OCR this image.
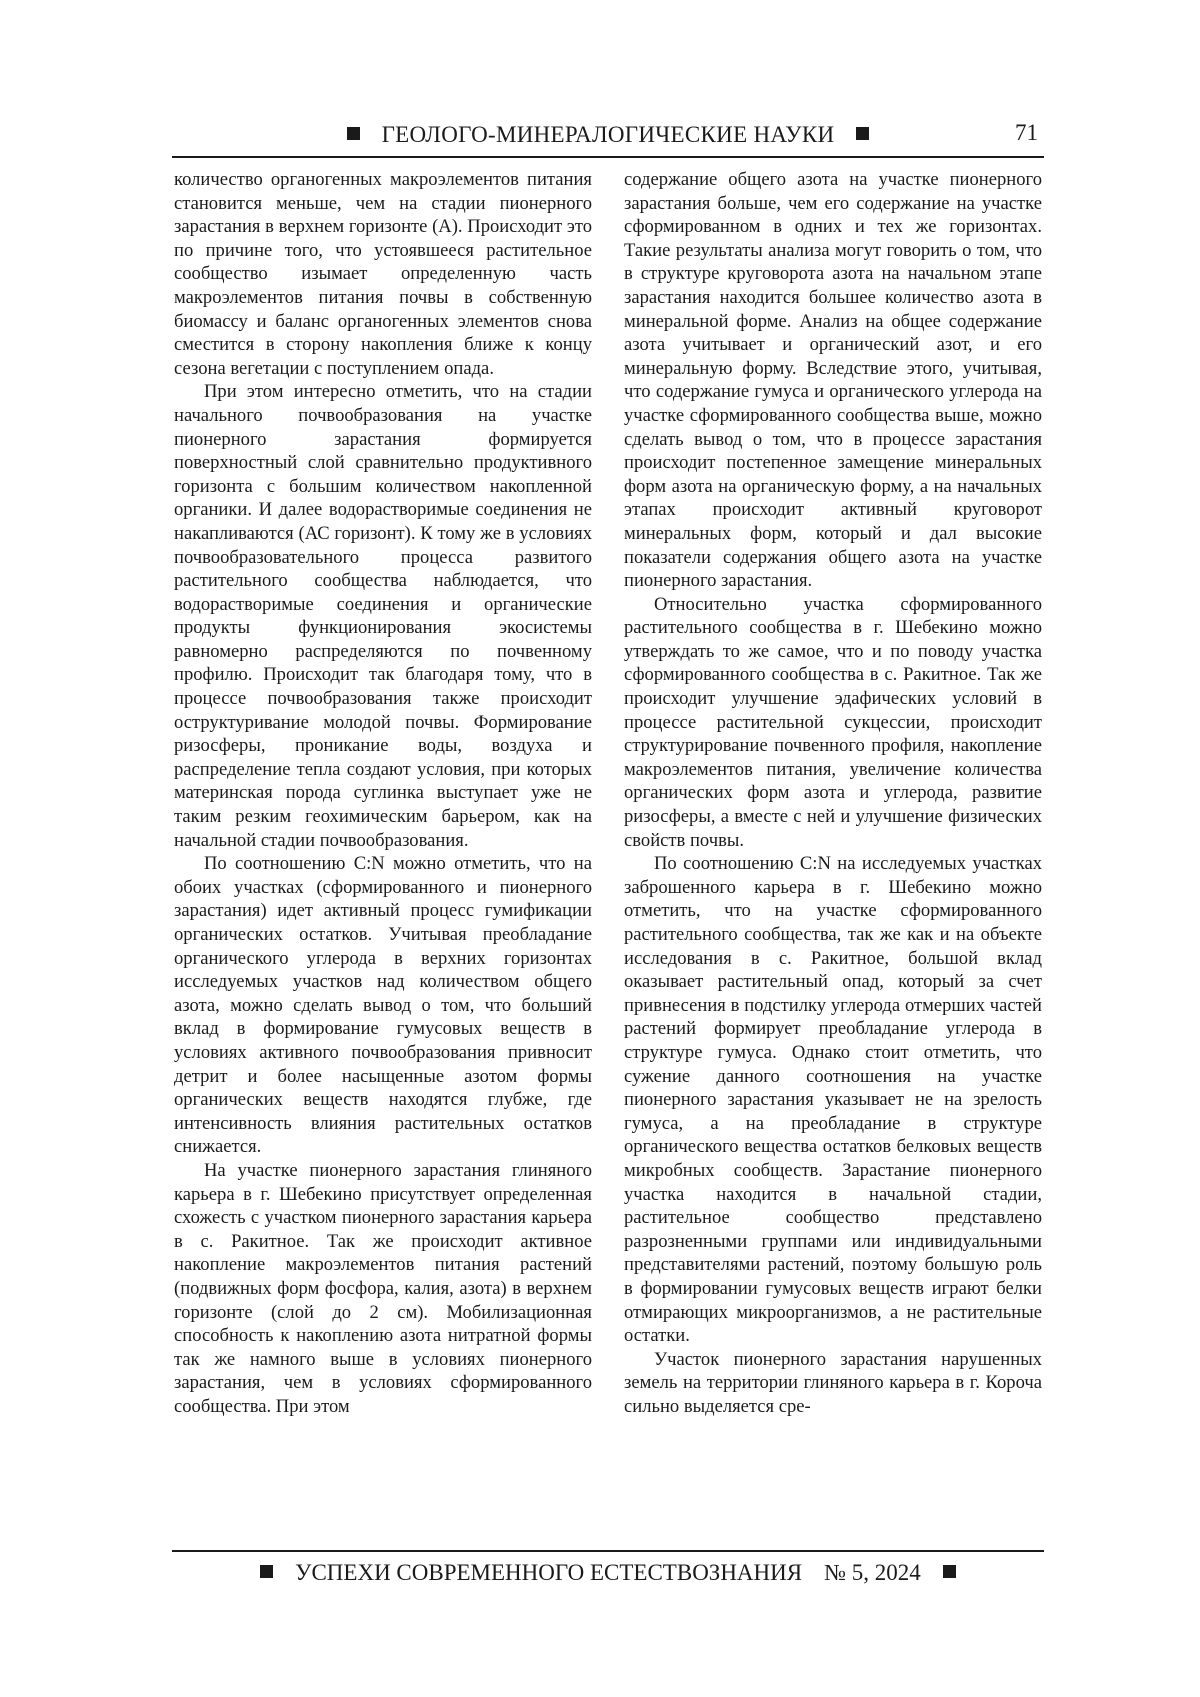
ГЕОЛОГО-МИНЕРАЛОГИЧЕСКИЕ НАУКИ	71

количество органогенных макроэлементов питания становится меньше, чем на стадии пионерного зарастания в верхнем горизонте (А). Происходит это по причине того, что устоявшееся растительное сообщество изымает определенную часть макроэлементов питания почвы в собственную биомассу и баланс органогенных элементов снова сместится в сторону накопления ближе к концу сезона вегетации с поступлением опада.

При этом интересно отметить, что на стадии начального почвообразования на участке пионерного зарастания формируется поверхностный слой сравнительно продуктивного горизонта с большим количеством накопленной органики. И далее водорастворимые соединения не накапливаются (АС горизонт). К тому же в условиях почвообразовательного процесса развитого растительного сообщества наблюдается, что водорастворимые соединения и органические продукты функционирования экосистемы равномерно распределяются по почвенному профилю. Происходит так благодаря тому, что в процессе почвообразования также происходит оструктуривание молодой почвы. Формирование ризосферы, проникание воды, воздуха и распределение тепла создают условия, при которых материнская порода суглинка выступает уже не таким резким геохимическим барьером, как на начальной стадии почвообразования.

По соотношению C:N можно отметить, что на обоих участках (сформированного и пионерного зарастания) идет активный процесс гумификации органических остатков. Учитывая преобладание органического углерода в верхних горизонтах исследуемых участков над количеством общего азота, можно сделать вывод о том, что больший вклад в формирование гумусовых веществ в условиях активного почвообразования привносит детрит и более насыщенные азотом формы органических веществ находятся глубже, где интенсивность влияния растительных остатков снижается.

На участке пионерного зарастания глиняного карьера в г. Шебекино присутствует определенная схожесть с участком пионерного зарастания карьера в с. Ракитное. Так же происходит активное накопление макроэлементов питания растений (подвижных форм фосфора, калия, азота) в верхнем горизонте (слой до 2 см). Мобилизационная способность к накоплению азота нитратной формы так же намного выше в условиях пионерного зарастания, чем в условиях сформированного сообщества. При этом

содержание общего азота на участке пионерного зарастания больше, чем его содержание на участке сформированном в одних и тех же горизонтах. Такие результаты анализа могут говорить о том, что в структуре круговорота азота на начальном этапе зарастания находится большее количество азота в минеральной форме. Анализ на общее содержание азота учитывает и органический азот, и его минеральную форму. Вследствие этого, учитывая, что содержание гумуса и органического углерода на участке сформированного сообщества выше, можно сделать вывод о том, что в процессе зарастания происходит постепенное замещение минеральных форм азота на органическую форму, а на начальных этапах происходит активный круговорот минеральных форм, который и дал высокие показатели содержания общего азота на участке пионерного зарастания.

Относительно участка сформированного растительного сообщества в г. Шебекино можно утверждать то же самое, что и по поводу участка сформированного сообщества в с. Ракитное. Так же происходит улучшение эдафических условий в процессе растительной сукцессии, происходит структурирование почвенного профиля, накопление макроэлементов питания, увеличение количества органических форм азота и углерода, развитие ризосферы, а вместе с ней и улучшение физических свойств почвы.

По соотношению C:N на исследуемых участках заброшенного карьера в г. Шебекино можно отметить, что на участке сформированного растительного сообщества, так же как и на объекте исследования в с. Ракитное, большой вклад оказывает растительный опад, который за счет привнесения в подстилку углерода отмерших частей растений формирует преобладание углерода в структуре гумуса. Однако стоит отметить, что сужение данного соотношения на участке пионерного зарастания указывает не на зрелость гумуса, а на преобладание в структуре органического вещества остатков белковых веществ микробных сообществ. Зарастание пионерного участка находится в начальной стадии, растительное сообщество представлено разрозненными группами или индивидуальными представителями растений, поэтому большую роль в формировании гумусовых веществ играют белки отмирающих микроорганизмов, а не растительные остатки.

Участок пионерного зарастания нарушенных земель на территории глиняного карьера в г. Короча сильно выделяется сре-

УСПЕХИ СОВРЕМЕННОГО ЕСТЕСТВОЗНАНИЯ № 5, 2024
